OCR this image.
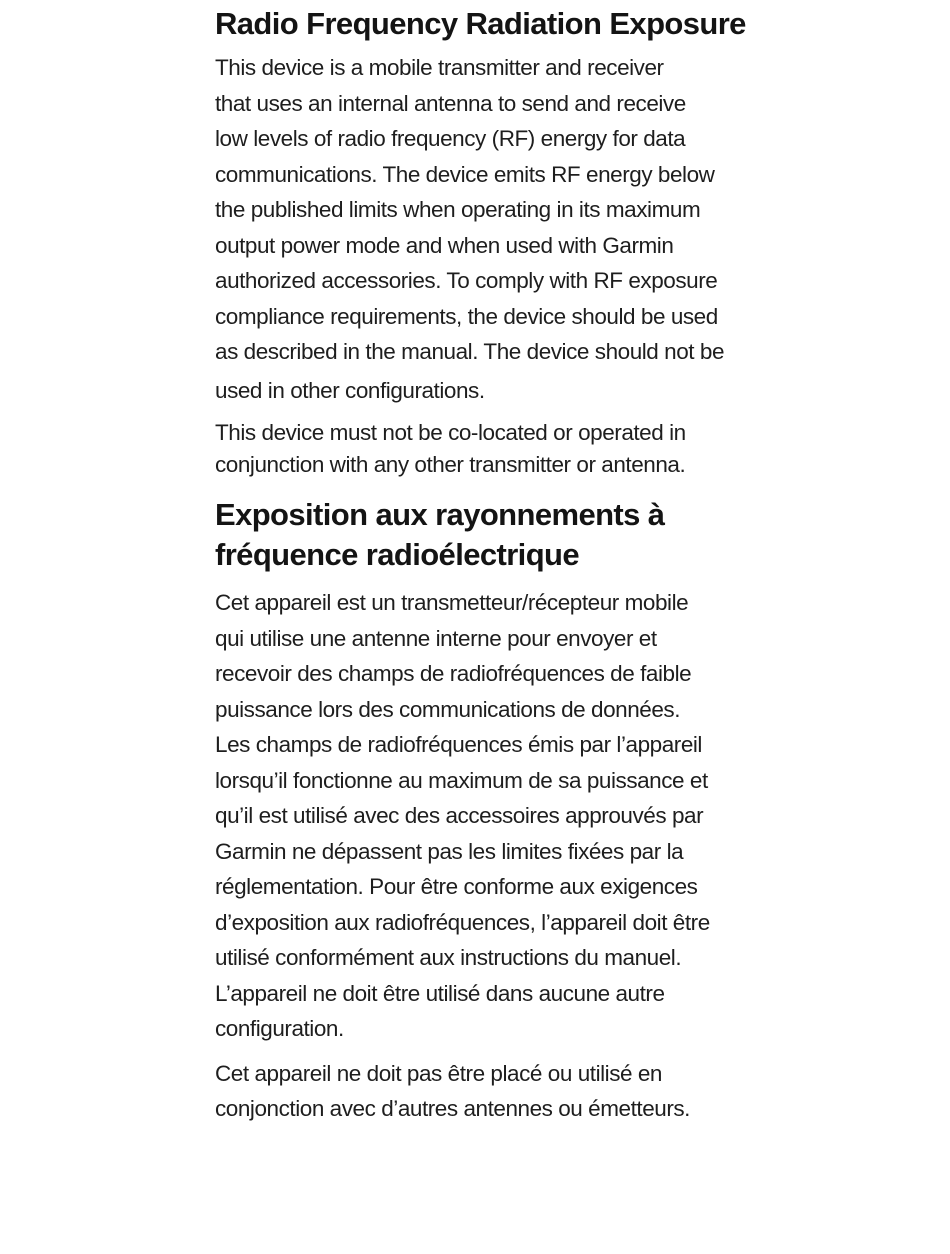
Radio Frequency Radiation Exposure

This device is a mobile transmitter and receiver
that uses an internal antenna to send and receive
low levels of radio frequency (RF) energy for data
communications. The device emits RF energy below
the published limits when operating in its maximum
output power mode and when used with Garmin
authorized accessories. To comply with RF exposure
compliance requirements, the device should be used
as described in the manual. The device should not be
used in other configurations.

This device must not be co-located or operated in
conjunction with any other transmitter or antenna.

Exposition aux rayonnements à
fréquence radioélectrique

Cet appareil est un transmetteur/récepteur mobile
qui utilise une antenne interne pour envoyer et
recevoir des champs de radiofréquences de faible
puissance lors des communications de données.
Les champs de radiofréquences émis par l’appareil
lorsqu’il fonctionne au maximum de sa puissance et
qu’il est utilisé avec des accessoires approuvés par
Garmin ne dépassent pas les limites fixées par la
réglementation. Pour être conforme aux exigences
d’exposition aux radiofréquences, l’appareil doit être
utilisé conformément aux instructions du manuel.
L’appareil ne doit être utilisé dans aucune autre
configuration.

Cet appareil ne doit pas être placé ou utilisé en
conjonction avec d’autres antennes ou émetteurs.
